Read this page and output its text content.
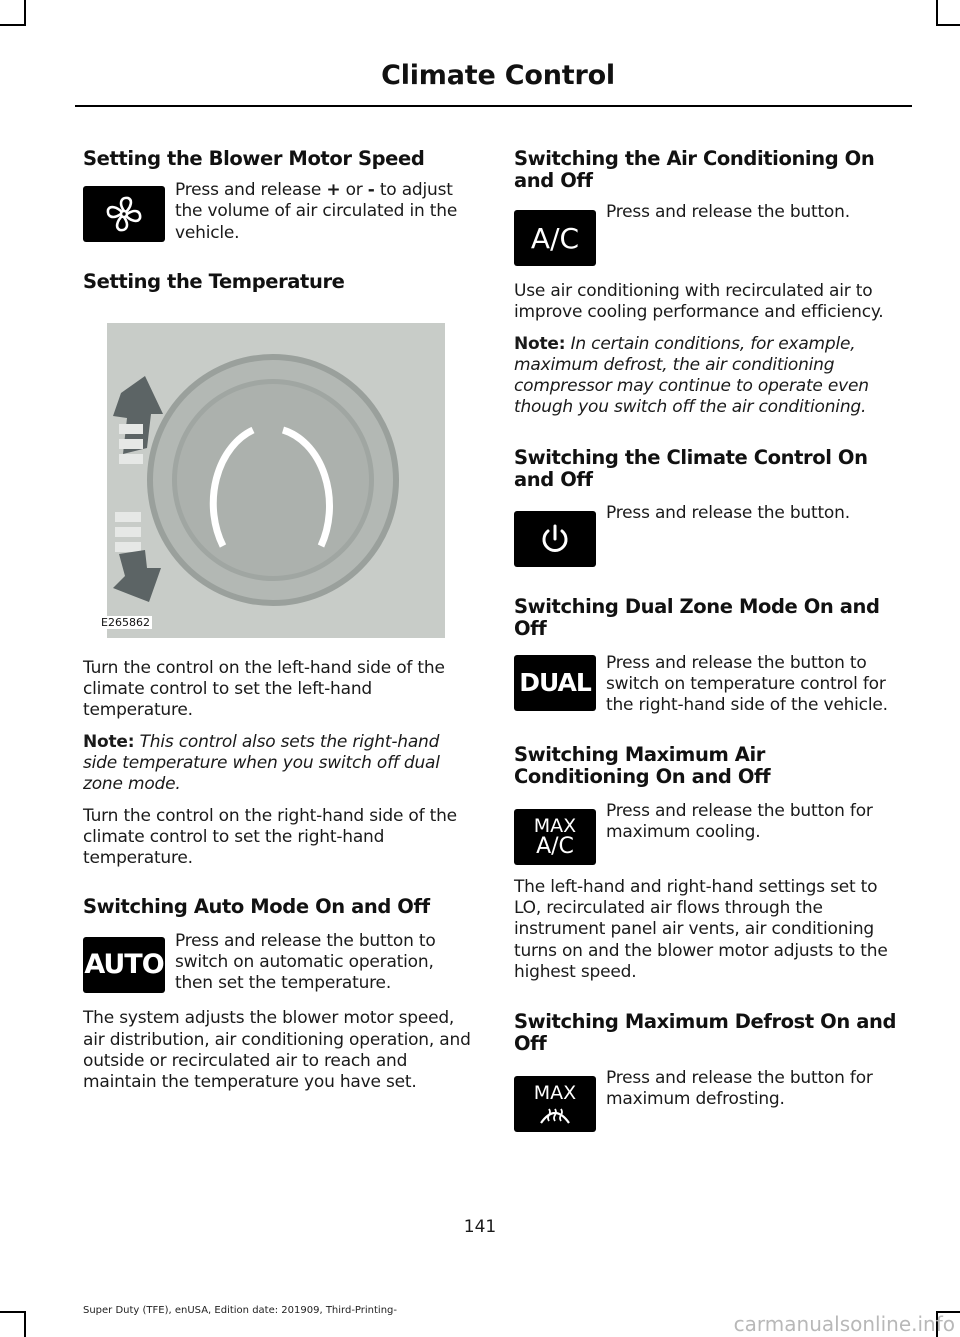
Climate Control
Setting the Blower Motor Speed

Press and release + or - to adjust the volume of air circulated in the vehicle.

Setting the Temperature
E265862

Turn the control on the left-hand side of the climate control to set the left-hand temperature.

Note: This control also sets the right-hand side temperature when you switch off dual zone mode.

Turn the control on the right-hand side of the climate control to set the right-hand temperature.

Switching Auto Mode On and Off
AUTO

Press and release the button to switch on automatic operation, then set the temperature.

The system adjusts the blower motor speed, air distribution, air conditioning operation, and outside or recirculated air to reach and maintain the temperature you have set.

Switching the Air Conditioning On and Off
A/C

Press and release the button.

Use air conditioning with recirculated air to improve cooling performance and efficiency.

Note: In certain conditions, for example, maximum defrost, the air conditioning compressor may continue to operate even though you switch off the air conditioning.

Switching the Climate Control On and Off

Press and release the button.

Switching Dual Zone Mode On and Off
DUAL

Press and release the button to switch on temperature control for the right-hand side of the vehicle.

Switching Maximum Air Conditioning On and Off
MAX
A/C

Press and release the button for maximum cooling.

The left-hand and right-hand settings set to LO, recirculated air flows through the instrument panel air vents, air conditioning turns on and the blower motor adjusts to the highest speed.

Switching Maximum Defrost On and Off
MAX

Press and release the button for maximum defrosting.

141
Super Duty (TFE), enUSA, Edition date: 201909, Third-Printing-
carmanualsonline.info
